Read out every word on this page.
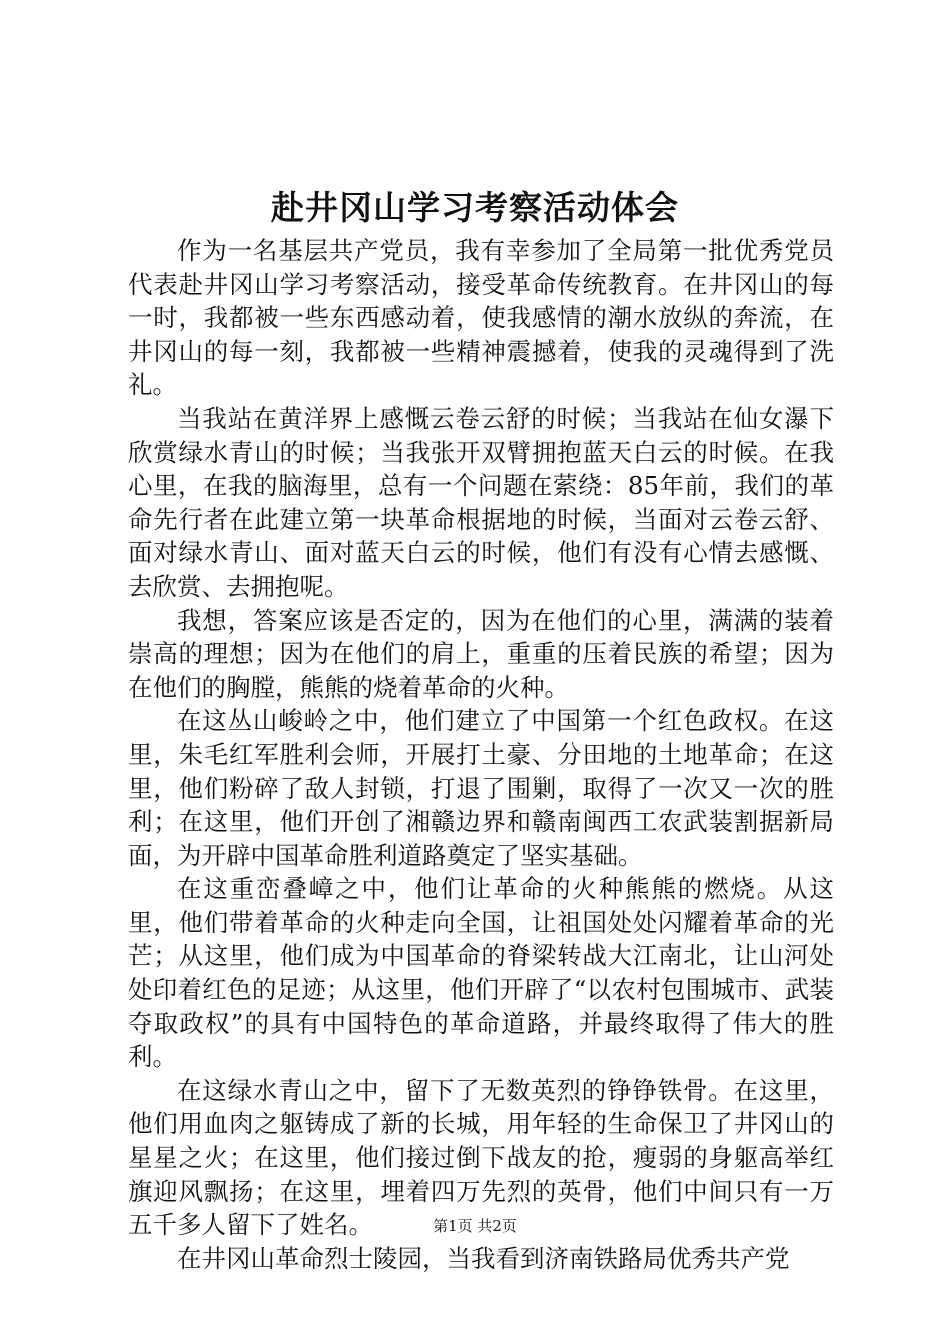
赴井冈山学习考察活动体会

作为一名基层共产党员，我有幸参加了全局第一批优秀党员代表赴井冈山学习考察活动，接受革命传统教育。在井冈山的每一时，我都被一些东西感动着，使我感情的潮水放纵的奔流，在井冈山的每一刻，我都被一些精神震撼着，使我的灵魂得到了洗礼。

当我站在黄洋界上感慨云卷云舒的时候；当我站在仙女瀑下欣赏绿水青山的时候；当我张开双臂拥抱蓝天白云的时候。在我心里，在我的脑海里，总有一个问题在萦绕：85年前，我们的革命先行者在此建立第一块革命根据地的时候，当面对云卷云舒、面对绿水青山、面对蓝天白云的时候，他们有没有心情去感慨、去欣赏、去拥抱呢。

我想，答案应该是否定的，因为在他们的心里，满满的装着崇高的理想；因为在他们的肩上，重重的压着民族的希望；因为在他们的胸膛，熊熊的烧着革命的火种。

在这丛山峻岭之中，他们建立了中国第一个红色政权。在这里，朱毛红军胜利会师，开展打土豪、分田地的土地革命；在这里，他们粉碎了敌人封锁，打退了围剿，取得了一次又一次的胜利；在这里，他们开创了湘赣边界和赣南闽西工农武装割据新局面，为开辟中国革命胜利道路奠定了坚实基础。

在这重峦叠嶂之中，他们让革命的火种熊熊的燃烧。从这里，他们带着革命的火种走向全国，让祖国处处闪耀着革命的光芒；从这里，他们成为中国革命的脊梁转战大江南北，让山河处处印着红色的足迹；从这里，他们开辟了“以农村包围城市、武装夺取政权”的具有中国特色的革命道路，并最终取得了伟大的胜利。

在这绿水青山之中，留下了无数英烈的铮铮铁骨。在这里，他们用血肉之躯铸成了新的长城，用年轻的生命保卫了井冈山的星星之火；在这里，他们接过倒下战友的抢，瘦弱的身躯高举红旗迎风飘扬；在这里，埋着四万先烈的英骨，他们中间只有一万五千多人留下了姓名。

在井冈山革命烈士陵园，当我看到济南铁路局优秀共产党

第1页 共2页
